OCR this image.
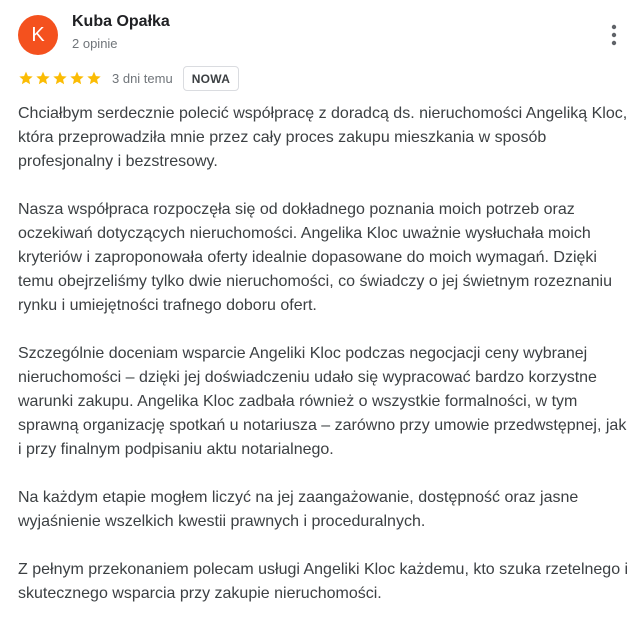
K
Kuba Opałka
2 opinie
3 dni temu	NOWA

Chciałbym serdecznie polecić współpracę z doradcą ds. nieruchomości Angeliką Kloc, która przeprowadziła mnie przez cały proces zakupu mieszkania w sposób profesjonalny i bezstresowy.

Nasza współpraca rozpoczęła się od dokładnego poznania moich potrzeb oraz oczekiwań dotyczących nieruchomości. Angelika Kloc uważnie wysłuchała moich kryteriów i zaproponowała oferty idealnie dopasowane do moich wymagań. Dzięki temu obejrzeliśmy tylko dwie nieruchomości, co świadczy o jej świetnym rozeznaniu rynku i umiejętności trafnego doboru ofert.

Szczególnie doceniam wsparcie Angeliki Kloc podczas negocjacji ceny wybranej nieruchomości – dzięki jej doświadczeniu udało się wypracować bardzo korzystne warunki zakupu. Angelika Kloc zadbała również o wszystkie formalności, w tym sprawną organizację spotkań u notariusza – zarówno przy umowie przedwstępnej, jak i przy finalnym podpisaniu aktu notarialnego.

Na każdym etapie mogłem liczyć na jej zaangażowanie, dostępność oraz jasne wyjaśnienie wszelkich kwestii prawnych i proceduralnych.

Z pełnym przekonaniem polecam usługi Angeliki Kloc każdemu, kto szuka rzetelnego i skutecznego wsparcia przy zakupie nieruchomości.
